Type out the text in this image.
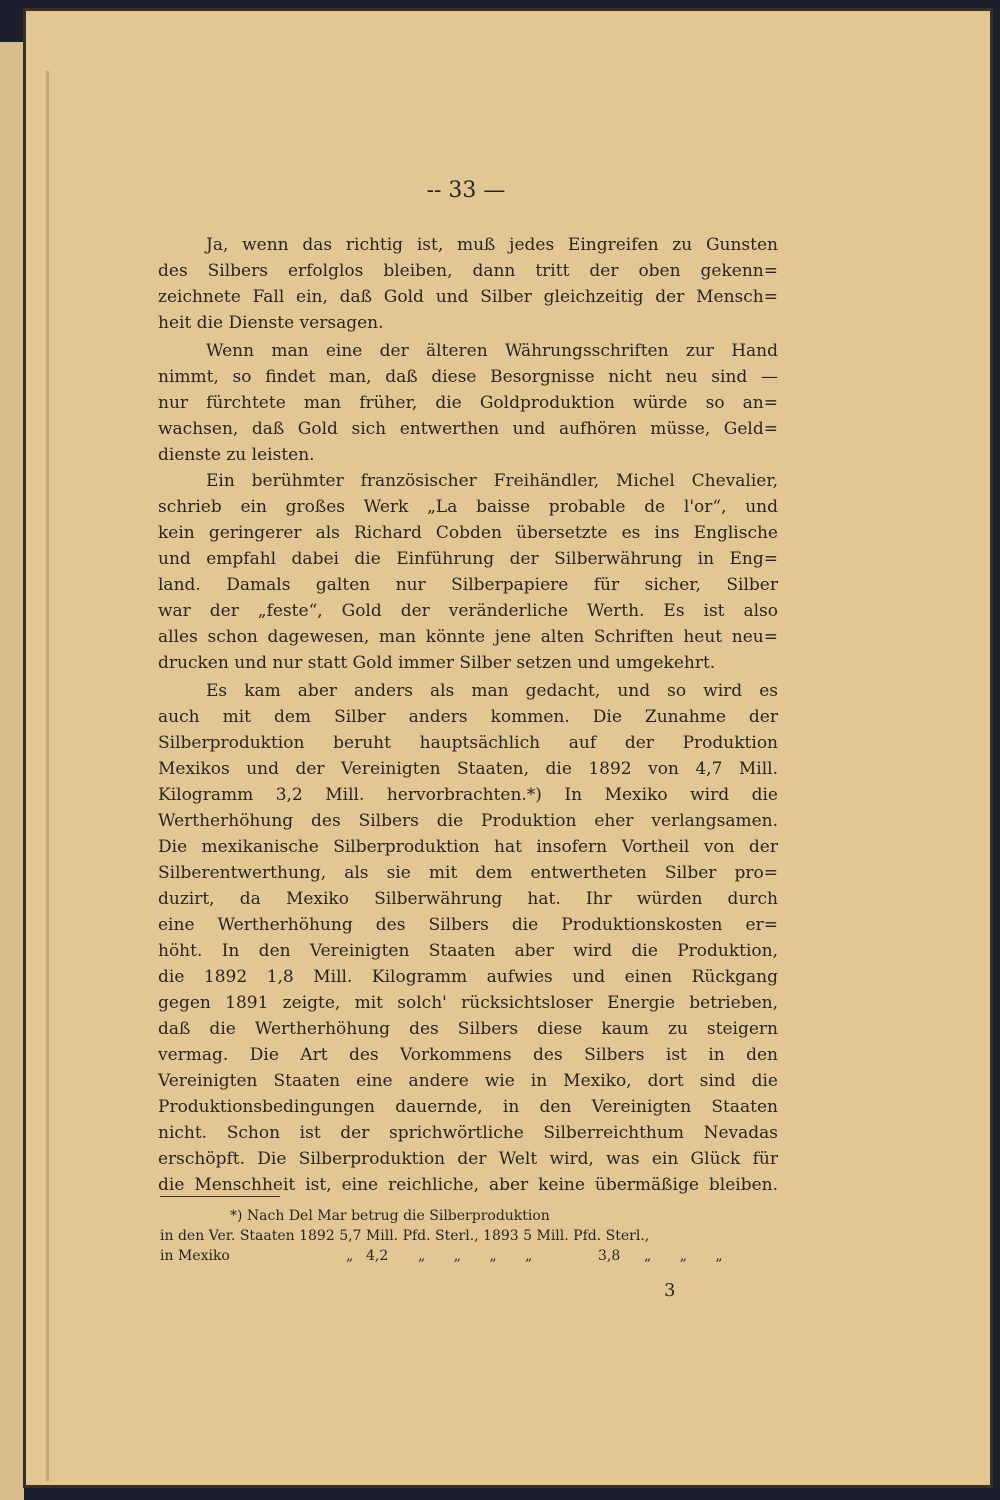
-- 33 —
Ja, wenn das richtig ist, muß jedes Eingreifen zu Gunsten
des Silbers erfolglos bleiben, dann tritt der oben gekenn=
zeichnete Fall ein, daß Gold und Silber gleichzeitig der Mensch=
heit die Dienste versagen.
Wenn man eine der älteren Währungsschriften zur Hand
nimmt, so findet man, daß diese Besorgnisse nicht neu sind —
nur fürchtete man früher, die Goldproduktion würde so an=
wachsen, daß Gold sich entwerthen und aufhören müsse, Geld=
dienste zu leisten.
Ein berühmter französischer Freihändler, Michel Chevalier,
schrieb ein großes Werk „La baisse probable de l'or“, und
kein geringerer als Richard Cobden übersetzte es ins Englische
und empfahl dabei die Einführung der Silberwährung in Eng=
land. Damals galten nur Silberpapiere für sicher, Silber
war der „feste“, Gold der veränderliche Werth. Es ist also
alles schon dagewesen, man könnte jene alten Schriften heut neu=
drucken und nur statt Gold immer Silber setzen und umgekehrt.
Es kam aber anders als man gedacht, und so wird es
auch mit dem Silber anders kommen. Die Zunahme der
Silberproduktion beruht hauptsächlich auf der Produktion
Mexikos und der Vereinigten Staaten, die 1892 von 4,7 Mill.
Kilogramm 3,2 Mill. hervorbrachten.*) In Mexiko wird die
Wertherhöhung des Silbers die Produktion eher verlangsamen.
Die mexikanische Silberproduktion hat insofern Vortheil von der
Silberentwerthung, als sie mit dem entwertheten Silber pro=
duzirt, da Mexiko Silberwährung hat. Ihr würden durch
eine Wertherhöhung des Silbers die Produktionskosten er=
höht. In den Vereinigten Staaten aber wird die Produktion,
die 1892 1,8 Mill. Kilogramm aufwies und einen Rückgang
gegen 1891 zeigte, mit solch' rücksichtsloser Energie betrieben,
daß die Wertherhöhung des Silbers diese kaum zu steigern
vermag. Die Art des Vorkommens des Silbers ist in den
Vereinigten Staaten eine andere wie in Mexiko, dort sind die
Produktionsbedingungen dauernde, in den Vereinigten Staaten
nicht. Schon ist der sprichwörtliche Silberreichthum Nevadas
erschöpft. Die Silberproduktion der Welt wird, was ein Glück für
die Menschheit ist, eine reichliche, aber keine übermäßige bleiben.
*) Nach Del Mar betrug die Silberproduktion
in den Ver. Staaten 1892 5,7 Mill. Pfd. Sterl., 1893 5 Mill. Pfd. Sterl.,
in Mexiko	„ 4,2 „ „ „ „	3,8 „ „ „
3
